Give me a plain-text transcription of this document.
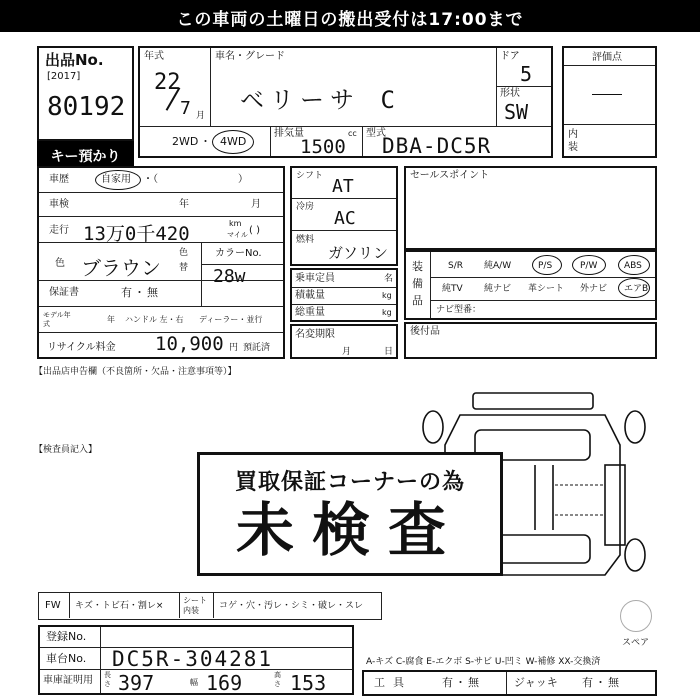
この車両の土曜日の搬出受付は17:00まで
出品No.
[2017]
80192
キー預かり
年式
22
7 月
車名・グレード
ベリーサ C
ドア
5
形状
SW
2WD ・ 4WD
排気量	cc
1500
型式
DBA-DC5R
評価点
内装
車歴	自家用 ・（　　　　　　　　）
車検	年	月
走行 13万0千420	km
マイル ( )
色 ブラウン
色替
カラーNo.
28w
保証書	有・無
モデル年式	年 ハンドル 左・右 ディーラー・並行
リサイクル料金 10,900 円 預託済
シフト AT
冷房
AC
燃料
ガソリン
乗車定員	名
積載量	kg
総重量	kg
名変期限
月	日
セールスポイント
装備品
S/R 純A/W	P/S	P/W	ABS
純TV 純ナビ 革シート 外ナビ エアB
ナビ型番：
後付品
【出品店申告欄（不良箇所・欠品・注意事項等）】
【検査員記入】
買取保証コーナーの為
未検査
FW キズ・トビ石・割レ×
シート内装	コゲ・穴・汚レ・シミ・破レ・スレ
スペア
登録No.
車台No. DC5R-304281
車庫証明用 長さ 397	幅 169	高さ 153
A-キズ C-腐食 E-エクボ S-サビ U-凹ミ W-補修 XX-交換済
工具	有・無	ジャッキ 有・無
